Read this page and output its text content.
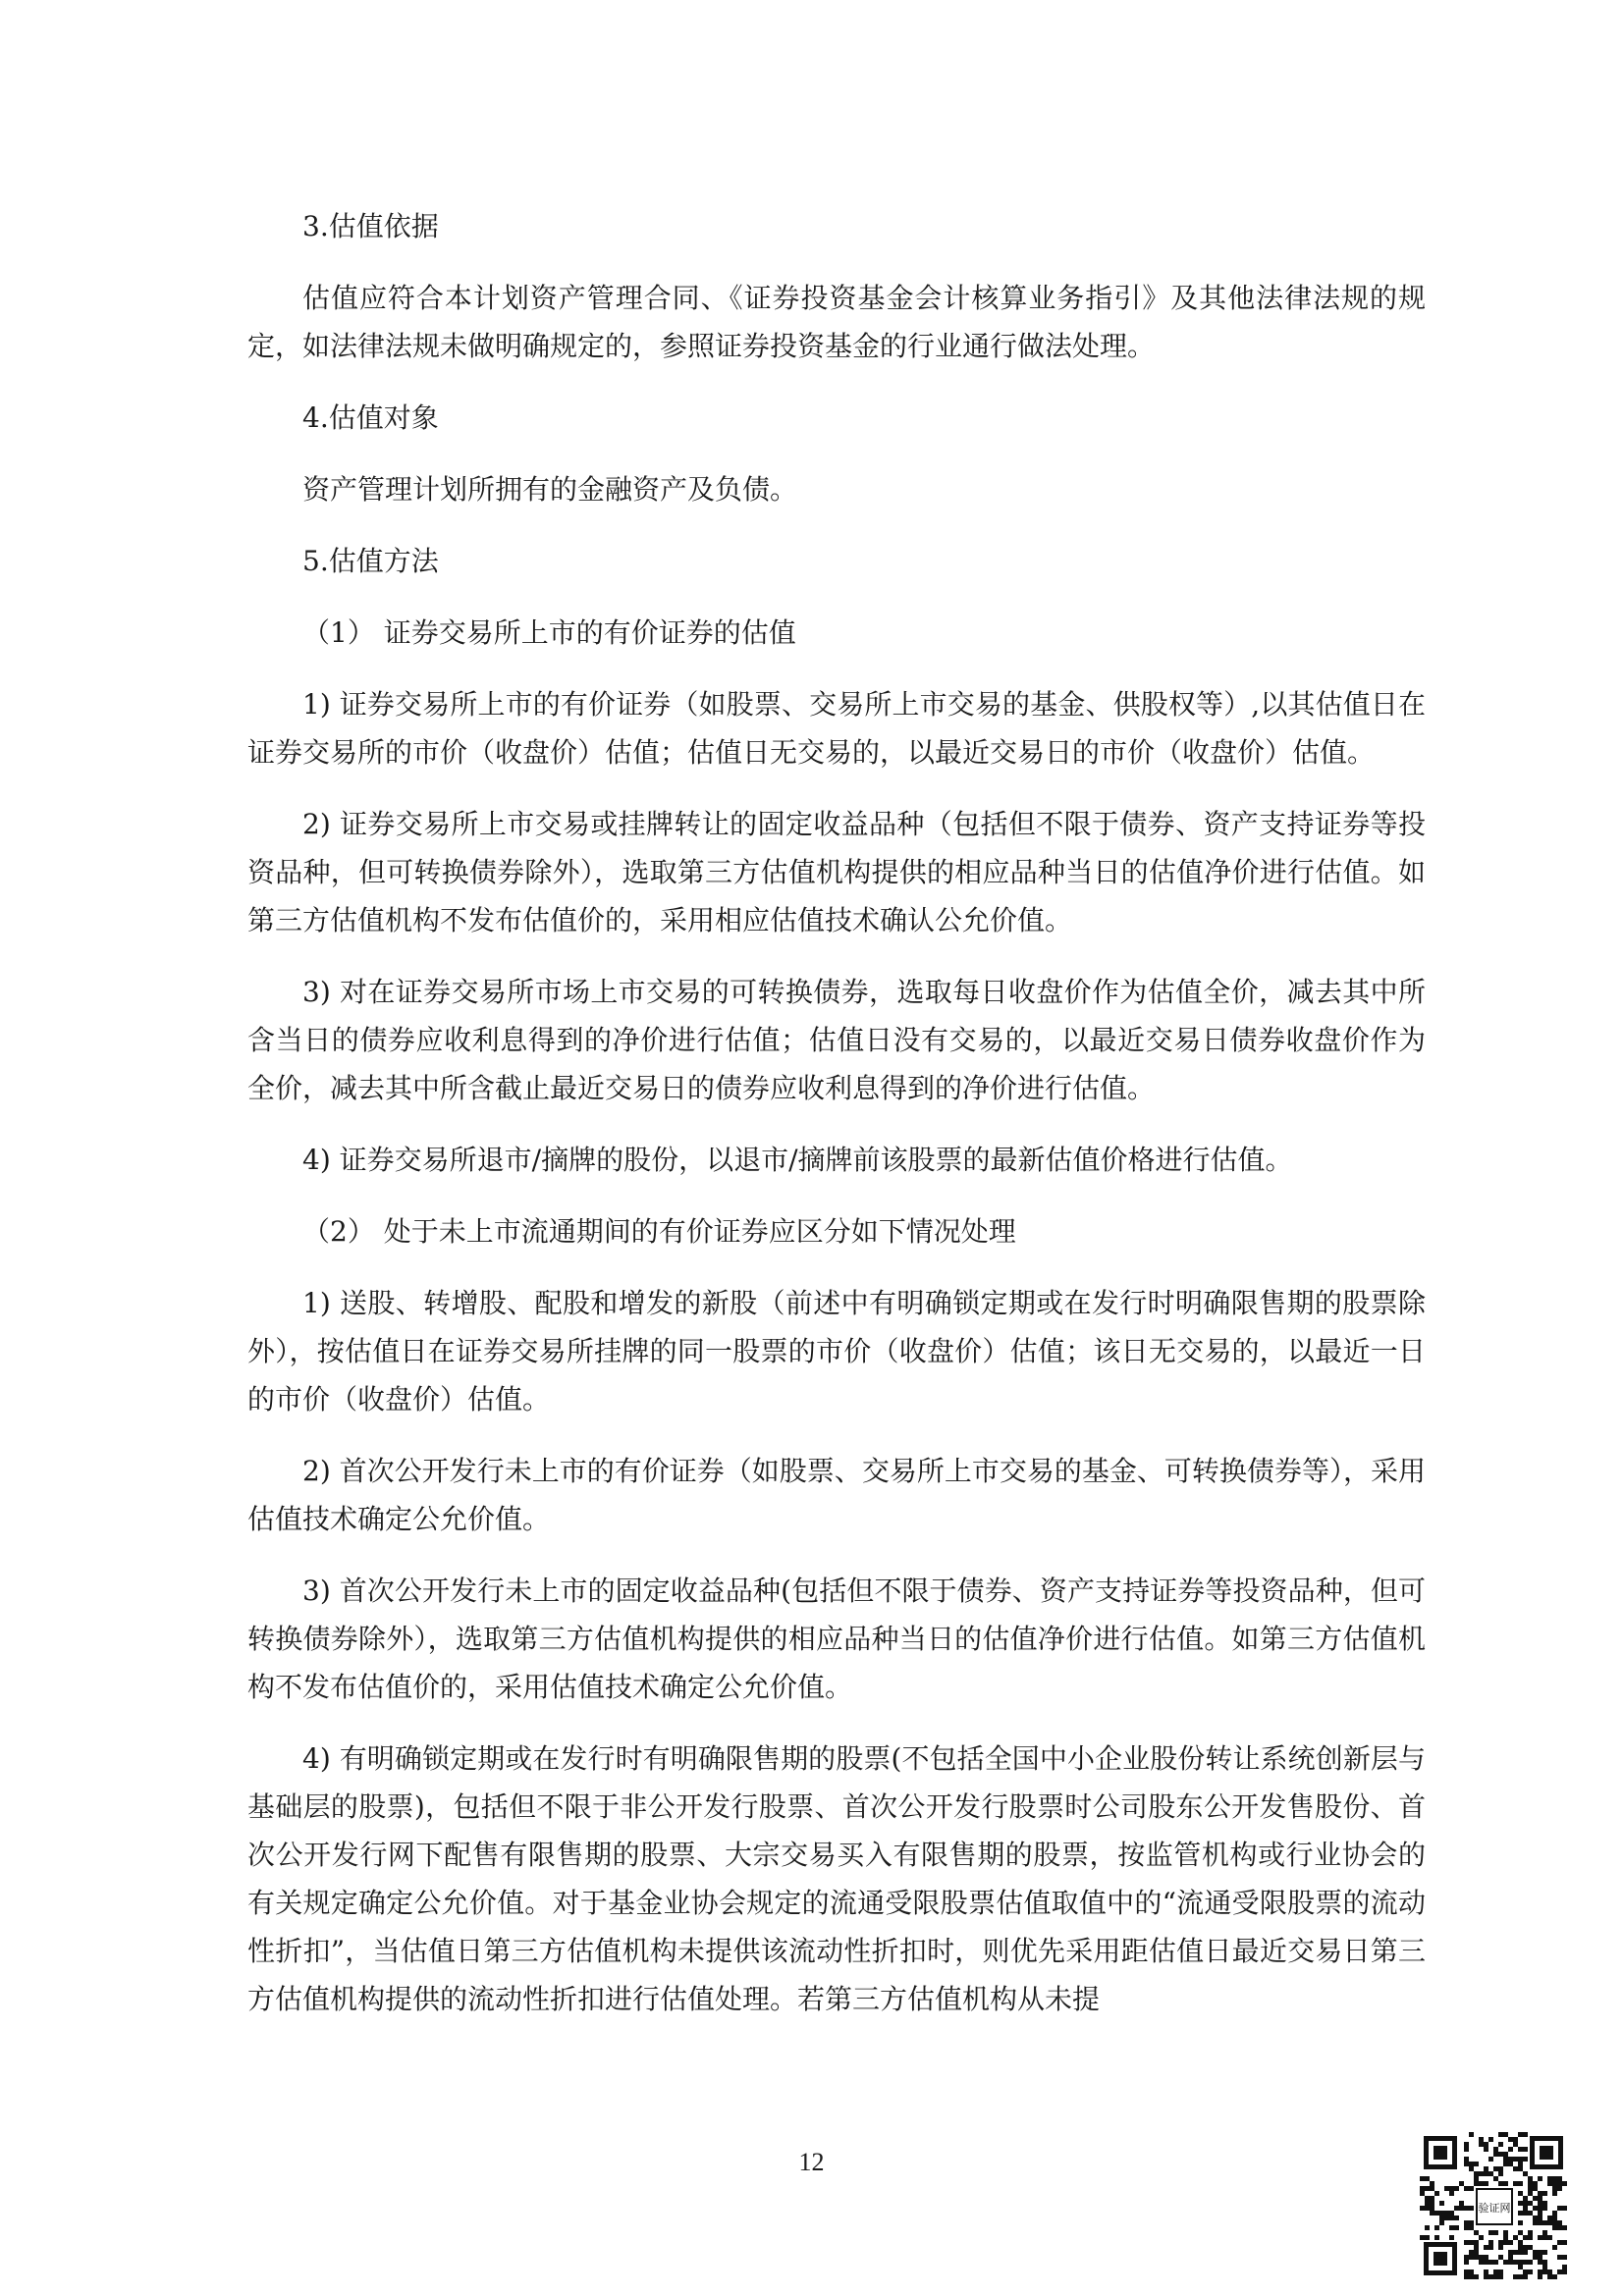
3.估值依据

估值应符合本计划资产管理合同、《证券投资基金会计核算业务指引》及其他法律法规的规定，如法律法规未做明确规定的，参照证券投资基金的行业通行做法处理。

4.估值对象

资产管理计划所拥有的金融资产及负债。

5.估值方法

（1） 证券交易所上市的有价证券的估值

1) 证券交易所上市的有价证券（如股票、交易所上市交易的基金、供股权等）,以其估值日在证券交易所的市价（收盘价）估值；估值日无交易的，以最近交易日的市价（收盘价）估值。

2) 证券交易所上市交易或挂牌转让的固定收益品种（包括但不限于债券、资产支持证券等投资品种，但可转换债券除外），选取第三方估值机构提供的相应品种当日的估值净价进行估值。如第三方估值机构不发布估值价的，采用相应估值技术确认公允价值。

3) 对在证券交易所市场上市交易的可转换债券，选取每日收盘价作为估值全价，减去其中所含当日的债券应收利息得到的净价进行估值；估值日没有交易的，以最近交易日债券收盘价作为全价，减去其中所含截止最近交易日的债券应收利息得到的净价进行估值。

4) 证券交易所退市/摘牌的股份，以退市/摘牌前该股票的最新估值价格进行估值。

（2） 处于未上市流通期间的有价证券应区分如下情况处理

1) 送股、转增股、配股和增发的新股（前述中有明确锁定期或在发行时明确限售期的股票除外），按估值日在证券交易所挂牌的同一股票的市价（收盘价）估值；该日无交易的，以最近一日的市价（收盘价）估值。

2) 首次公开发行未上市的有价证券（如股票、交易所上市交易的基金、可转换债券等），采用估值技术确定公允价值。

3) 首次公开发行未上市的固定收益品种(包括但不限于债券、资产支持证券等投资品种，但可转换债券除外），选取第三方估值机构提供的相应品种当日的估值净价进行估值。如第三方估值机构不发布估值价的，采用估值技术确定公允价值。

4) 有明确锁定期或在发行时有明确限售期的股票(不包括全国中小企业股份转让系统创新层与基础层的股票)，包括但不限于非公开发行股票、首次公开发行股票时公司股东公开发售股份、首次公开发行网下配售有限售期的股票、大宗交易买入有限售期的股票，按监管机构或行业协会的有关规定确定公允价值。对于基金业协会规定的流通受限股票估值取值中的“流通受限股票的流动性折扣”，当估值日第三方估值机构未提供该流动性折扣时，则优先采用距估值日最近交易日第三方估值机构提供的流动性折扣进行估值处理。若第三方估值机构从未提

12
验证网
